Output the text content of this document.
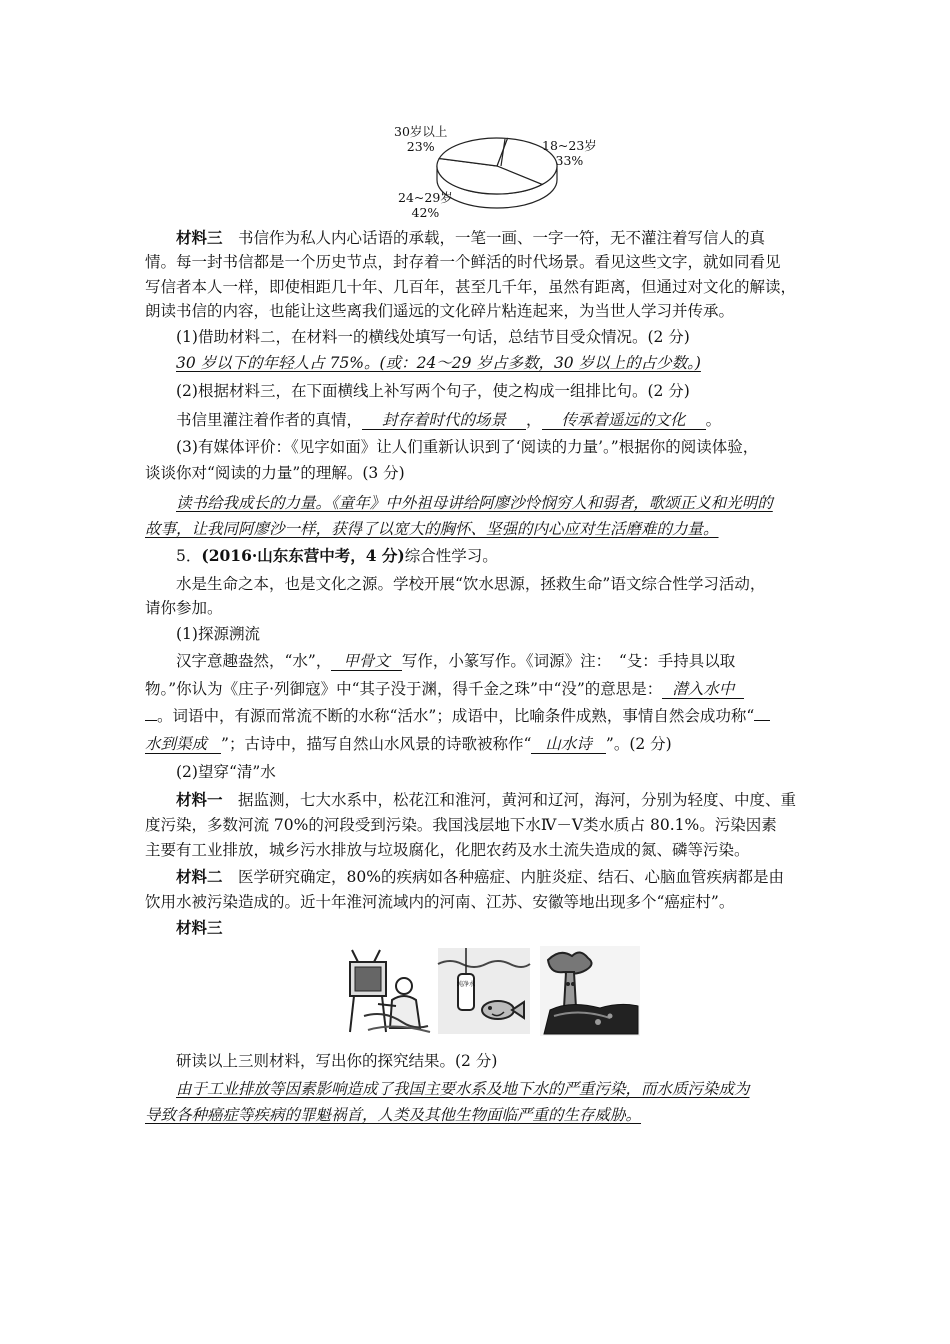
30岁以上
23%	18~23岁
33%
24~29岁
42%
材料三　 书信作为私人内心话语的承载，一笔一画、一字一符，无不灌注着写信人的真
情。每一封书信都是一个历史节点，封存着一个鲜活的时代场景。看见这些文字，就如同看见
写信者本人一样，即使相距几十年、几百年，甚至几千年，虽然有距离，但通过对文化的解读，
朗读书信的内容，也能让这些离我们遥远的文化碎片粘连起来，为当世人学习并传承。
(1)借助材料二，在材料一的横线处填写一句话，总结节目受众情况。(2 分)
30 岁以下的年轻人占 75%。(或：24～29 岁占多数，30 岁以上的占少数。)
(2)根据材料三，在下面横线上补写两个句子，使之构成一组排比句。(2 分)
书信里灌注着作者的真情， 封存着时代的场景 ， 传承着遥远的文化 。
(3)有媒体评价：《见字如面》让人们重新认识到了‘阅读的力量’。”根据你的阅读体验，
谈谈你对“阅读的力量”的理解。(3 分)
读书给我成长的力量。《童年》中外祖母讲给阿廖沙怜悯穷人和弱者，歌颂正义和光明的
故事，让我同阿廖沙一样，获得了以宽大的胸怀、坚强的内心应对生活磨难的力量。
5．(2016·山东东营中考，4 分)综合性学习。
水是生命之本，也是文化之源。学校开展“饮水思源，拯救生命”语文综合性学习活动，
请你参加。
(1)探源溯流
汉字意趣盎然，“水”， 甲骨文 写作，小篆写作。《词源》注：　“殳：手持具以取
物。”你认为《庄子·列御寇》中“其子没于渊，得千金之珠”中“没”的意思是： 潜入水中
。词语中，有源而常流不断的水称“活水”；成语中，比喻条件成熟，事情自然会成功称“
水到渠成 ”；古诗中，描写自然山水风景的诗歌被称作“ 山水诗 ”。(2 分)
(2)望穿“清”水
材料一　 据监测，七大水系中，松花江和淮河，黄河和辽河，海河，分别为轻度、中度、重
度污染，多数河流 70%的河段受到污染。我国浅层地下水Ⅳ－Ⅴ类水质占 80.1%。污染因素
主要有工业排放，城乡污水排放与垃圾腐化，化肥农药及水土流失造成的氮、磷等污染。
材料二　 医学研究确定，80%的疾病如各种癌症、内脏炎症、结石、心脑血管疾病都是由
饮用水被污染造成的。近十年淮河流域内的河南、江苏、安徽等地出现多个“癌症村”。
材料三
纯净水
研读以上三则材料，写出你的探究结果。(2 分)
由于工业排放等因素影响造成了我国主要水系及地下水的严重污染，而水质污染成为
导致各种癌症等疾病的罪魁祸首，人类及其他生物面临严重的生存威胁。
